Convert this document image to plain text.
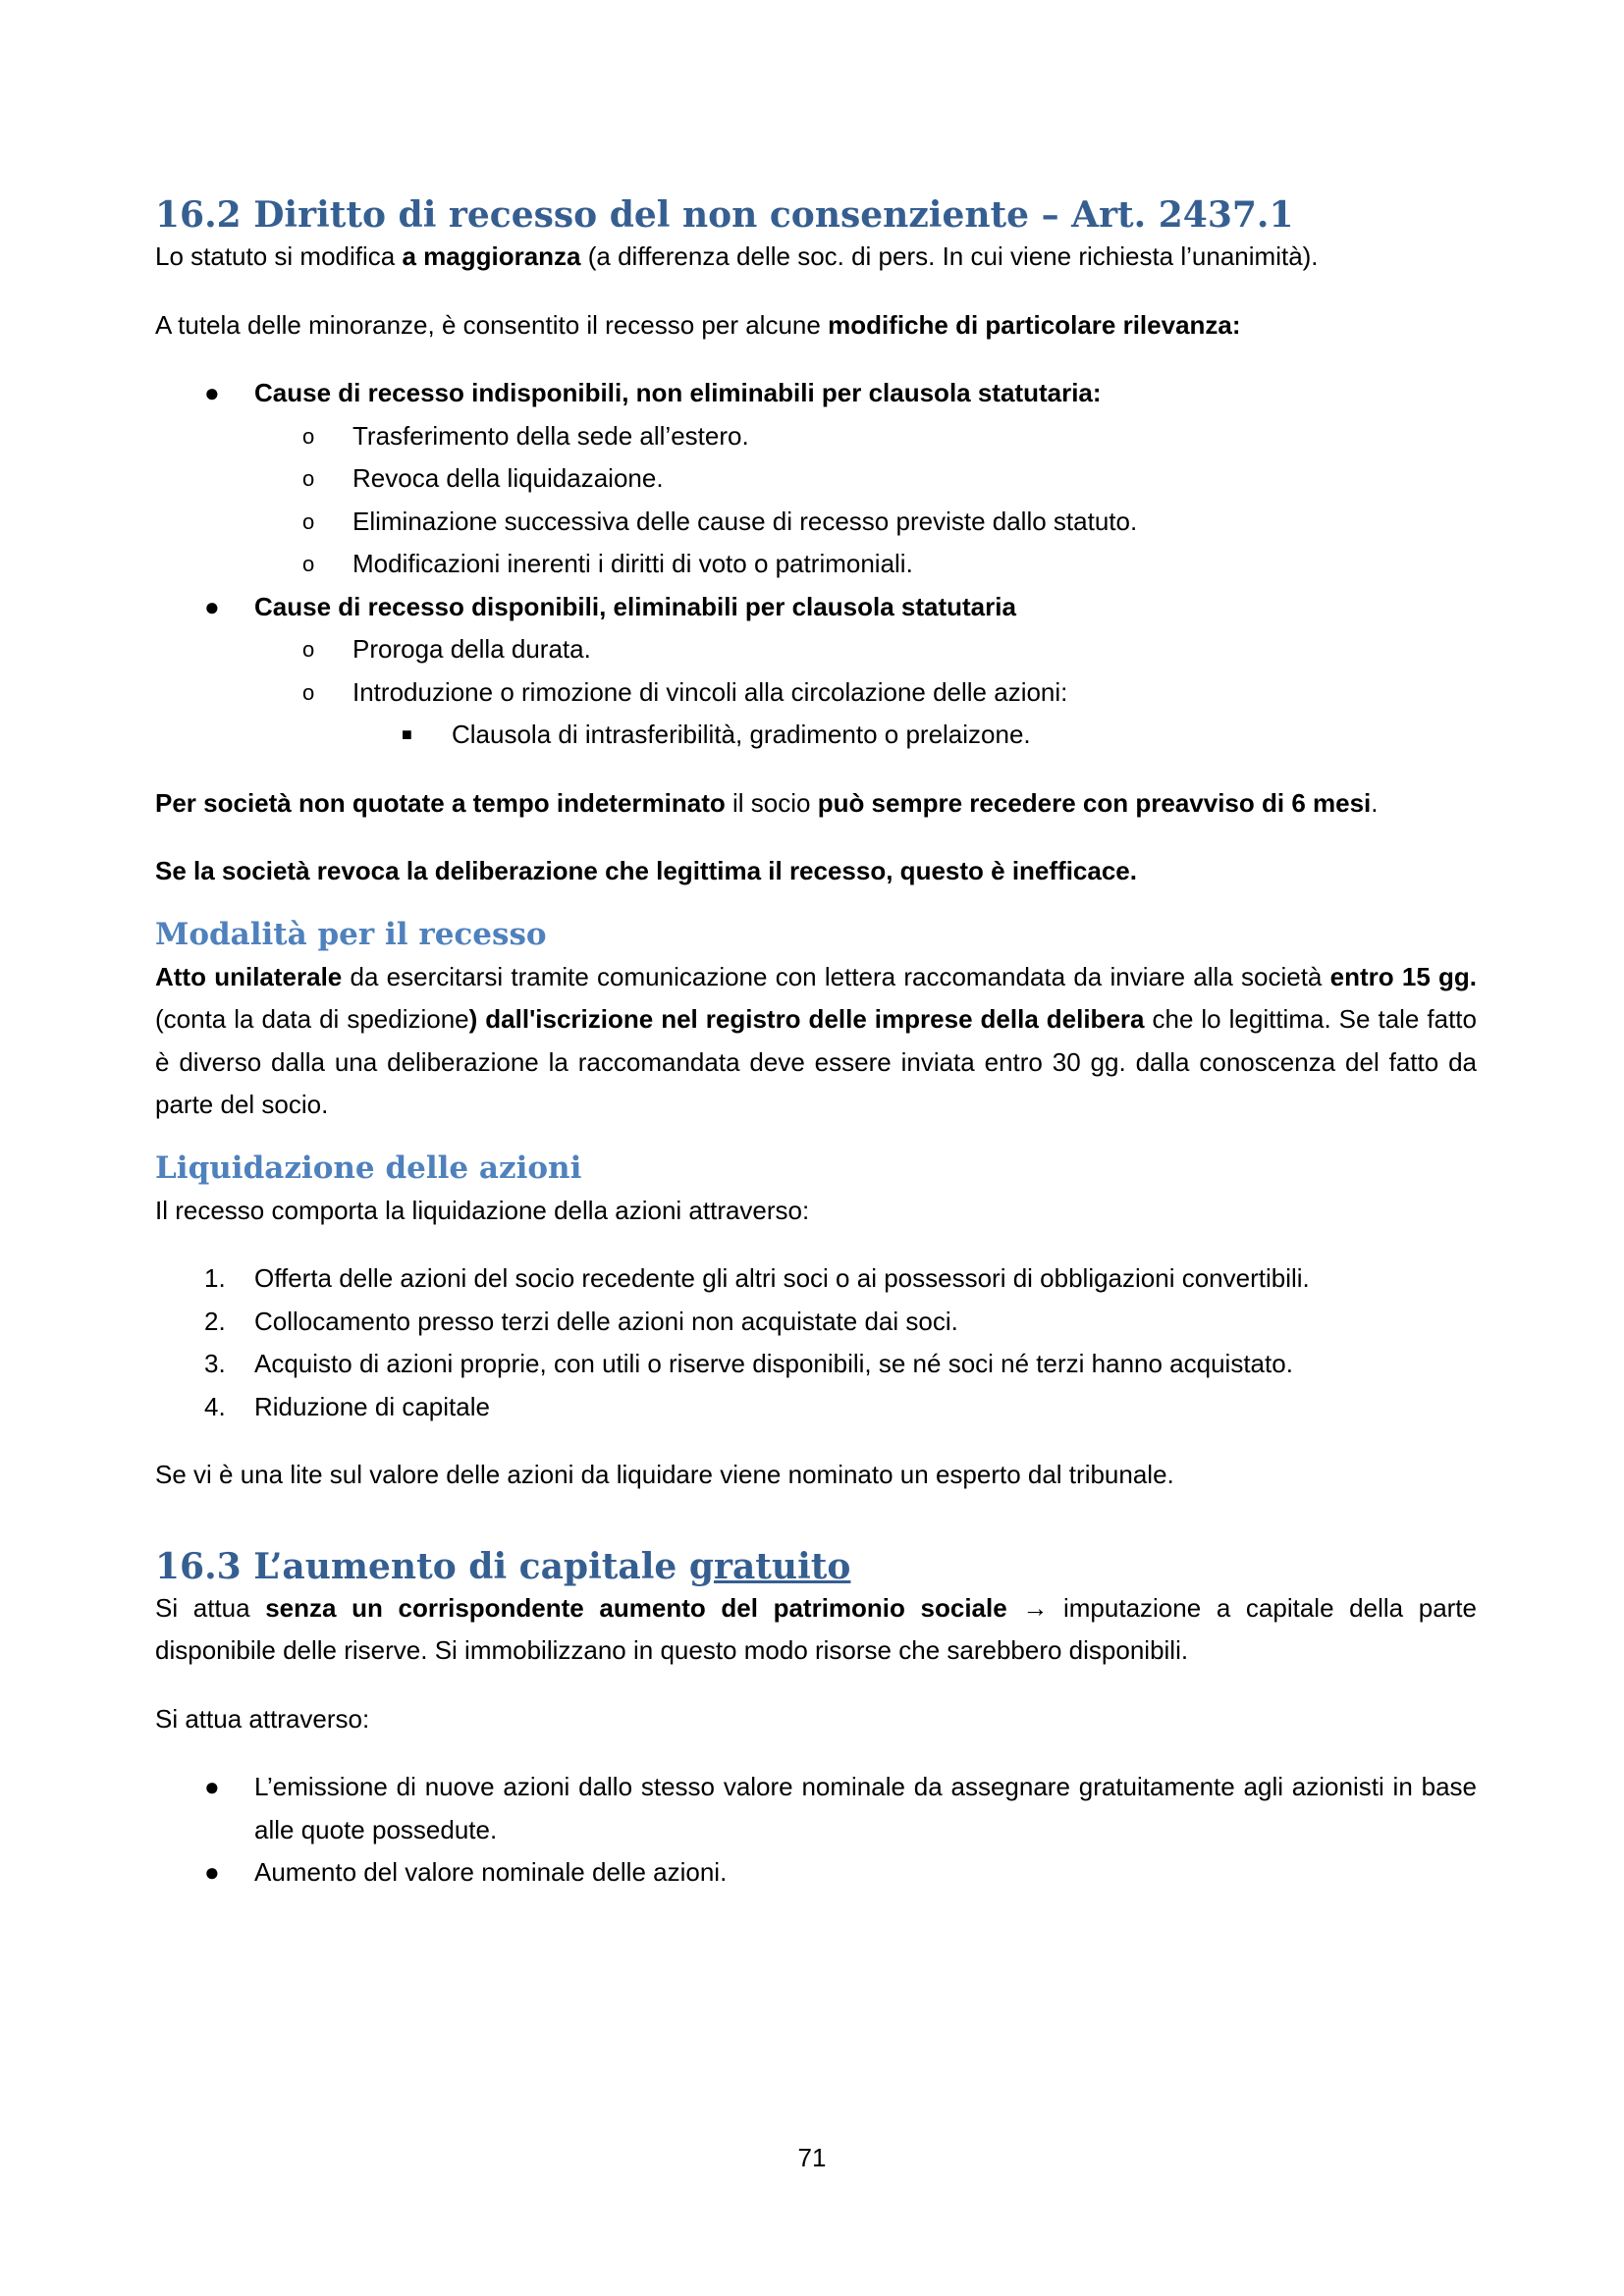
16.2 Diritto di recesso del non consenziente – Art. 2437.1

Lo statuto si modifica a maggioranza (a differenza delle soc. di pers. In cui viene richiesta l’unanimità).

A tutela delle minoranze, è consentito il recesso per alcune modifiche di particolare rilevanza:

● Cause di recesso indisponibili, non eliminabili per clausola statutaria:
o Trasferimento della sede all’estero.
o Revoca della liquidazaione.
o Eliminazione successiva delle cause di recesso previste dallo statuto.
o Modificazioni inerenti i diritti di voto o patrimoniali.
● Cause di recesso disponibili, eliminabili per clausola statutaria
o Proroga della durata.
o Introduzione o rimozione di vincoli alla circolazione delle azioni:
■ Clausola di intrasferibilità, gradimento o prelaizone.

Per società non quotate a tempo indeterminato il socio può sempre recedere con preavviso di 6 mesi.

Se la società revoca la deliberazione che legittima il recesso, questo è inefficace.

Modalità per il recesso

Atto unilaterale da esercitarsi tramite comunicazione con lettera raccomandata da inviare alla società entro 15 gg. (conta la data di spedizione) dall'iscrizione nel registro delle imprese della delibera che lo legittima. Se tale fatto è diverso dalla una deliberazione la raccomandata deve essere inviata entro 30 gg. dalla conoscenza del fatto da parte del socio.

Liquidazione delle azioni

Il recesso comporta la liquidazione della azioni attraverso:

1. Offerta delle azioni del socio recedente gli altri soci o ai possessori di obbligazioni convertibili.
2. Collocamento presso terzi delle azioni non acquistate dai soci.
3. Acquisto di azioni proprie, con utili o riserve disponibili, se né soci né terzi hanno acquistato.
4. Riduzione di capitale

Se vi è una lite sul valore delle azioni da liquidare viene nominato un esperto dal tribunale.

16.3 L’aumento di capitale gratuito

Si attua senza un corrispondente aumento del patrimonio sociale → imputazione a capitale della parte disponibile delle riserve. Si immobilizzano in questo modo risorse che sarebbero disponibili.

Si attua attraverso:

● L’emissione di nuove azioni dallo stesso valore nominale da assegnare gratuitamente agli azionisti in base alle quote possedute.
● Aumento del valore nominale delle azioni.
71
